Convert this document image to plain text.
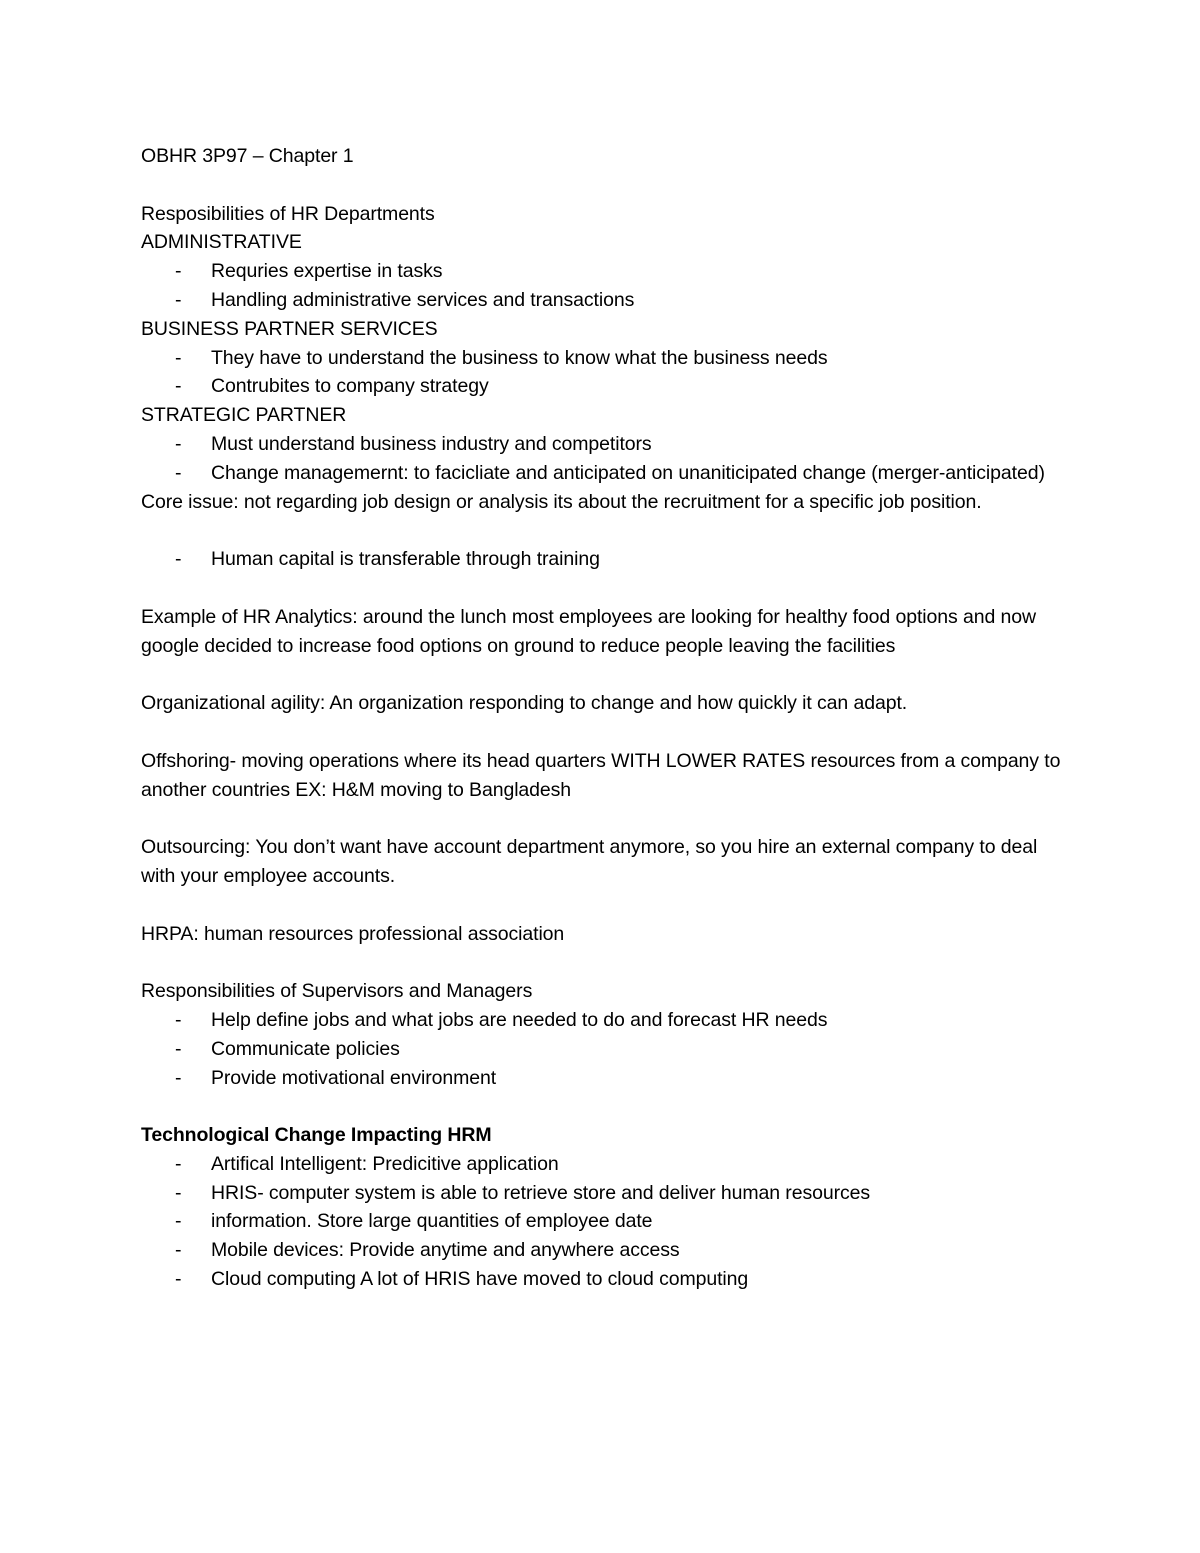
OBHR 3P97 – Chapter 1

Resposibilities of HR Departments

ADMINISTRATIVE

- Requries expertise in tasks
- Handling administrative services and transactions

BUSINESS PARTNER SERVICES

- They have to understand the business to know what the business needs
- Contrubites to company strategy

STRATEGIC PARTNER

- Must understand business industry and competitors
- Change managemernt: to facicliate and anticipated on unaniticipated change (merger-anticipated)

Core issue: not regarding job design or analysis its about the recruitment for a specific job position.

- Human capital is transferable through training

Example of HR Analytics: around the lunch most employees are looking for healthy food options and now google decided to increase food options on ground to reduce people leaving the facilities

Organizational agility: An organization responding to change and how quickly it can adapt.

Offshoring- moving operations where its head quarters WITH LOWER RATES resources from a company to another countries EX: H&M moving to Bangladesh

Outsourcing: You don’t want have account department anymore, so you hire an external company to deal with your employee accounts.

HRPA: human resources professional association

Responsibilities of Supervisors and Managers

- Help define jobs and what jobs are needed to do and forecast HR needs
- Communicate policies
- Provide motivational environment

Technological Change Impacting HRM

- Artifical Intelligent: Predicitive application
- HRIS- computer system is able to retrieve store and deliver human resources
- information. Store large quantities of employee date
- Mobile devices: Provide anytime and anywhere access
- Cloud computing A lot of HRIS have moved to cloud computing
